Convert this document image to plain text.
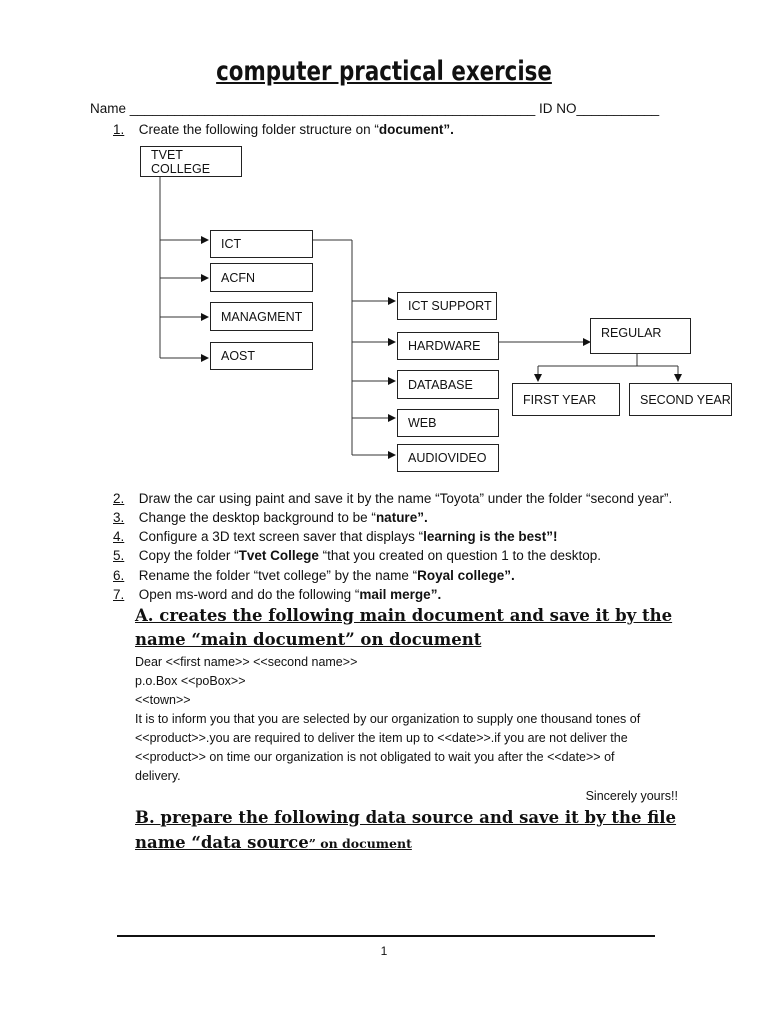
computer practical exercise
Name ______________________________________________________ ID NO___________
1. Create the following folder structure on “document”.
TVET COLLEGE
ICT
ACFN
MANAGMENT
AOST
ICT SUPPORT
HARDWARE
DATABASE
WEB
AUDIOVIDEO
REGULAR
FIRST YEAR	SECOND YEAR
2. Draw the car using paint and save it by the name “Toyota” under the folder “second year”.
3. Change the desktop background to be “nature”.
4. Configure a 3D text screen saver that displays “learning is the best”!
5. Copy the folder “Tvet College “that you created on question 1 to the desktop.
6. Rename the folder “tvet college” by the name “Royal college”.
7. Open ms-word and do the following “mail merge”.
A. creates the following main document and save it by the
name “main document” on document
Dear <<first name>> <<second name>>
p.o.Box <<poBox>>
<<town>>
It is to inform you that you are selected by our organization to supply one thousand tones of
<<product>>.you are required to deliver the item up to <<date>>.if you are not deliver the
<<product>> on time our organization is not obligated to wait you after the <<date>> of
delivery.
Sincerely yours!!
B. prepare the following data source and save it by the file
name “data source” on document
1
